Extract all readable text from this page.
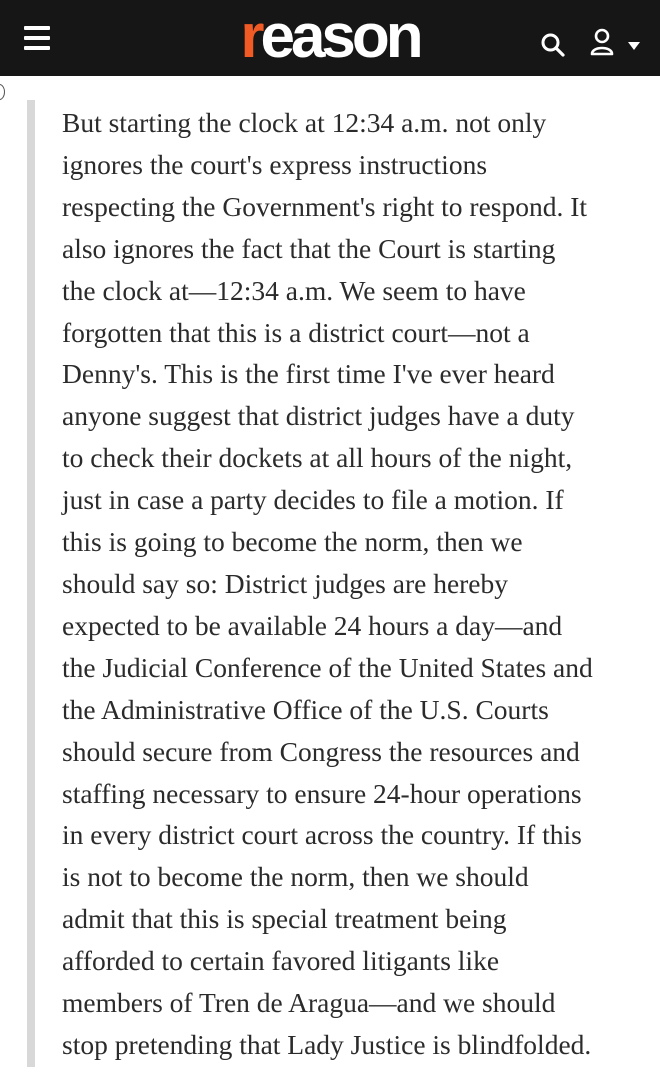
reason
But starting the clock at 12:34 a.m. not only
ignores the court's express instructions
respecting the Government's right to respond. It
also ignores the fact that the Court is starting
the clock at—12:34 a.m. We seem to have
forgotten that this is a district court—not a
Denny's. This is the first time I've ever heard
anyone suggest that district judges have a duty
to check their dockets at all hours of the night,
just in case a party decides to file a motion. If
this is going to become the norm, then we
should say so: District judges are hereby
expected to be available 24 hours a day—and
the Judicial Conference of the United States and
the Administrative Office of the U.S. Courts
should secure from Congress the resources and
staffing necessary to ensure 24-hour operations
in every district court across the country. If this
is not to become the norm, then we should
admit that this is special treatment being
afforded to certain favored litigants like
members of Tren de Aragua—and we should
stop pretending that Lady Justice is blindfolded.
